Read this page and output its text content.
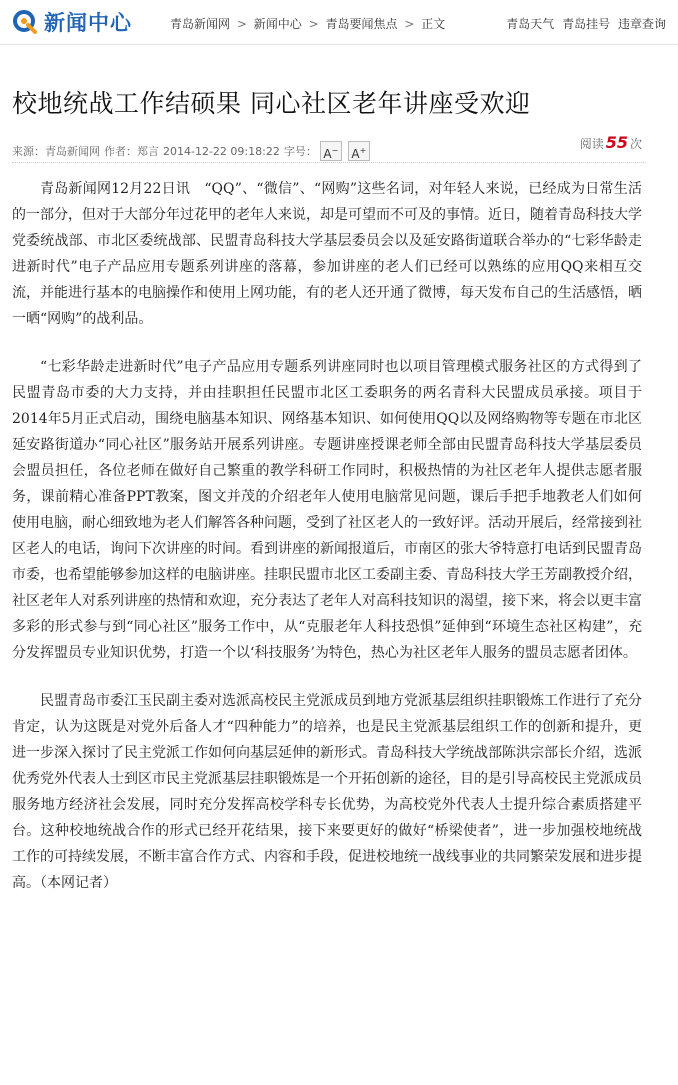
新闻中心	青岛新闻网 > 新闻中心 > 青岛要闻焦点 > 正文	青岛天气 青岛挂号 违章查询
校地统战工作结硕果 同心社区老年讲座受欢迎
来源：青岛新闻网 作者：郑言 2014-12-22 09:18:22 字号： A− A+	阅读 55 次

青岛新闻网12月22日讯　“QQ”、“微信”、“网购”这些名词，对年轻人来说，已经成为日常生活的一部分，但对于大部分年过花甲的老年人来说，却是可望而不可及的事情。近日，随着青岛科技大学党委统战部、市北区委统战部、民盟青岛科技大学基层委员会以及延安路街道联合举办的“七彩华龄走进新时代”电子产品应用专题系列讲座的落幕，参加讲座的老人们已经可以熟练的应用QQ来相互交流，并能进行基本的电脑操作和使用上网功能，有的老人还开通了微博，每天发布自己的生活感悟，晒一晒“网购”的战利品。

“七彩华龄走进新时代”电子产品应用专题系列讲座同时也以项目管理模式服务社区的方式得到了民盟青岛市委的大力支持，并由挂职担任民盟市北区工委职务的两名青科大民盟成员承接。项目于2014年5月正式启动，围绕电脑基本知识、网络基本知识、如何使用QQ以及网络购物等专题在市北区延安路街道办“同心社区”服务站开展系列讲座。专题讲座授课老师全部由民盟青岛科技大学基层委员会盟员担任，各位老师在做好自己繁重的教学科研工作同时，积极热情的为社区老年人提供志愿者服务，课前精心准备PPT教案，图文并茂的介绍老年人使用电脑常见问题，课后手把手地教老人们如何使用电脑，耐心细致地为老人们解答各种问题，受到了社区老人的一致好评。活动开展后，经常接到社区老人的电话，询问下次讲座的时间。看到讲座的新闻报道后，市南区的张大爷特意打电话到民盟青岛市委，也希望能够参加这样的电脑讲座。挂职民盟市北区工委副主委、青岛科技大学王芳副教授介绍，社区老年人对系列讲座的热情和欢迎，充分表达了老年人对高科技知识的渴望，接下来，将会以更丰富多彩的形式参与到“同心社区”服务工作中，从“克服老年人科技恐惧”延伸到“环境生态社区构建”，充分发挥盟员专业知识优势，打造一个以‘科技服务’为特色，热心为社区老年人服务的盟员志愿者团体。

民盟青岛市委江玉民副主委对选派高校民主党派成员到地方党派基层组织挂职锻炼工作进行了充分肯定，认为这既是对党外后备人才“四种能力”的培养，也是民主党派基层组织工作的创新和提升，更进一步深入探讨了民主党派工作如何向基层延伸的新形式。青岛科技大学统战部陈洪宗部长介绍，选派优秀党外代表人士到区市民主党派基层挂职锻炼是一个开拓创新的途径，目的是引导高校民主党派成员服务地方经济社会发展，同时充分发挥高校学科专长优势，为高校党外代表人士提升综合素质搭建平台。这种校地统战合作的形式已经开花结果，接下来要更好的做好“桥梁使者”，进一步加强校地统战工作的可持续发展，不断丰富合作方式、内容和手段，促进校地统一战线事业的共同繁荣发展和进步提高。（本网记者）
